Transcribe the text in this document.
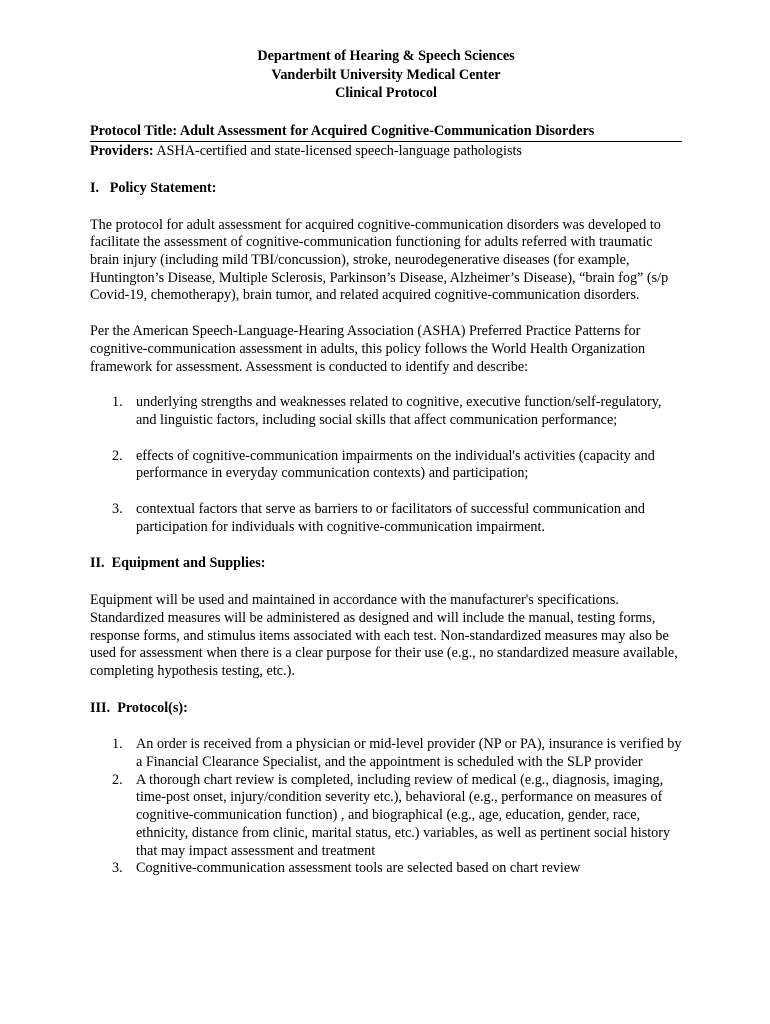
Department of Hearing & Speech Sciences
Vanderbilt University Medical Center
Clinical Protocol
Protocol Title: Adult Assessment for Acquired Cognitive-Communication Disorders
Providers: ASHA-certified and state-licensed speech-language pathologists
I.   Policy Statement:

The protocol for adult assessment for acquired cognitive-communication disorders was developed to facilitate the assessment of cognitive-communication functioning for adults referred with traumatic brain injury (including mild TBI/concussion), stroke, neurodegenerative diseases (for example, Huntington’s Disease, Multiple Sclerosis, Parkinson’s Disease, Alzheimer’s Disease), “brain fog” (s/p Covid-19, chemotherapy), brain tumor, and related acquired cognitive-communication disorders.

Per the American Speech-Language-Hearing Association (ASHA) Preferred Practice Patterns for cognitive-communication assessment in adults, this policy follows the World Health Organization framework for assessment. Assessment is conducted to identify and describe:

1. underlying strengths and weaknesses related to cognitive, executive function/self-regulatory, and linguistic factors, including social skills that affect communication performance;
2. effects of cognitive-communication impairments on the individual's activities (capacity and performance in everyday communication contexts) and participation;
3. contextual factors that serve as barriers to or facilitators of successful communication and participation for individuals with cognitive-communication impairment.
II.  Equipment and Supplies:

Equipment will be used and maintained in accordance with the manufacturer's specifications. Standardized measures will be administered as designed and will include the manual, testing forms, response forms, and stimulus items associated with each test. Non-standardized measures may also be used for assessment when there is a clear purpose for their use (e.g., no standardized measure available, completing hypothesis testing, etc.).

III.  Protocol(s):
1. An order is received from a physician or mid-level provider (NP or PA), insurance is verified by a Financial Clearance Specialist, and the appointment is scheduled with the SLP provider
2. A thorough chart review is completed, including review of medical (e.g., diagnosis, imaging, time-post onset, injury/condition severity etc.), behavioral (e.g., performance on measures of cognitive-communication function) , and biographical (e.g., age, education, gender, race, ethnicity, distance from clinic, marital status, etc.) variables, as well as pertinent social history that may impact assessment and treatment
3. Cognitive-communication assessment tools are selected based on chart review
